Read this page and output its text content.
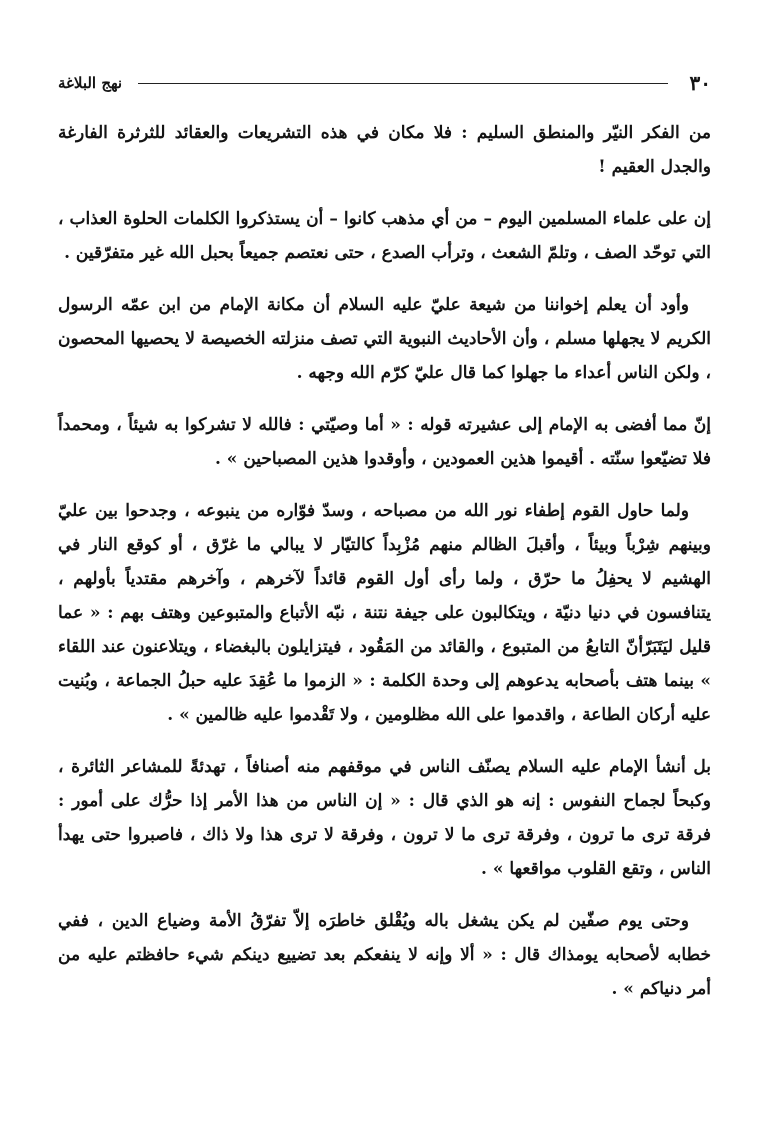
٣٠
نهج البلاغة

من الفكر النيّر والمنطق السليم : فلا مكان في هذه التشريعات والعقائد للثرثرة الفارغة والجدل العقيم !

إن على علماء المسلمين اليوم – من أي مذهب كانوا – أن يستذكروا الكلمات الحلوة العذاب ، التي توحّد الصف ، وتلمّ الشعث ، وترأب الصدع ، حتى نعتصم جميعاً بحبل الله غير متفرّقين .

وأود أن يعلم إخواننا من شيعة عليّ عليه السلام أن مكانة الإمام من ابن عمّه الرسول الكريم لا يجهلها مسلم ، وأن الأحاديث النبوية التي تصف منزلته الخصيصة لا يحصيها المحصون ، ولكن الناس أعداء ما جهلوا كما قال عليّ كرّم الله وجهه .

إنّ مما أفضى به الإمام إلى عشيرته قوله : « أما وصيّتي : فالله لا تشركوا به شيئاً ، ومحمداً فلا تضيّعوا سنّته . أقيموا هذين العمودين ، وأوقدوا هذين المصباحين » .

ولما حاول القوم إطفاء نور الله من مصباحه ، وسدّ فوّاره من ينبوعه ، وجدحوا بين عليّ وبينهم شِرْباً وبيئاً ، وأقبلَ الظالم منهم مُزْبِداً كالتيّار لا يبالي ما غرّق ، أو كوقع النار في الهشيم لا يحفِلُ ما حرّق ، ولما رأى أول القوم قائداً لآخرهم ، وآخرهم مقتدياً بأولهم ، يتنافسون في دنيا دنيّة ، ويتكالبون على جيفة نتنة ، نبّه الأتباع والمتبوعين وهتف بهم : « عما قليل ليَتَبَرّأنّ التابعُ من المتبوع ، والقائد من المَقُود ، فيتزايلون بالبغضاء ، ويتلاعنون عند اللقاء » بينما هتف بأصحابه يدعوهم إلى وحدة الكلمة : « الزموا ما عُقِدَ عليه حبلُ الجماعة ، وبُنيت عليه أركان الطاعة ، واقدموا على الله مظلومين ، ولا تَقْدموا عليه ظالمين » .

بل أنشأ الإمام عليه السلام يصنّف الناس في موقفهم منه أصنافاً ، تهدئةً للمشاعر الثائرة ، وكبحاً لجماح النفوس : إنه هو الذي قال : « إن الناس من هذا الأمر إذا حرُّك على أمور : فرقة ترى ما ترون ، وفرقة ترى ما لا ترون ، وفرقة لا ترى هذا ولا ذاك ، فاصبروا حتى يهدأ الناس ، وتقع القلوب مواقعها » .

وحتى يوم صفّين لم يكن يشغل باله ويُقْلق خاطرَه إلاّ تفرّقُ الأمة وضياع الدين ، ففي خطابه لأصحابه يومذاك قال : « ألا وإنه لا ينفعكم بعد تضييع دينكم شيء حافظتم عليه من أمر دنياكم » .
